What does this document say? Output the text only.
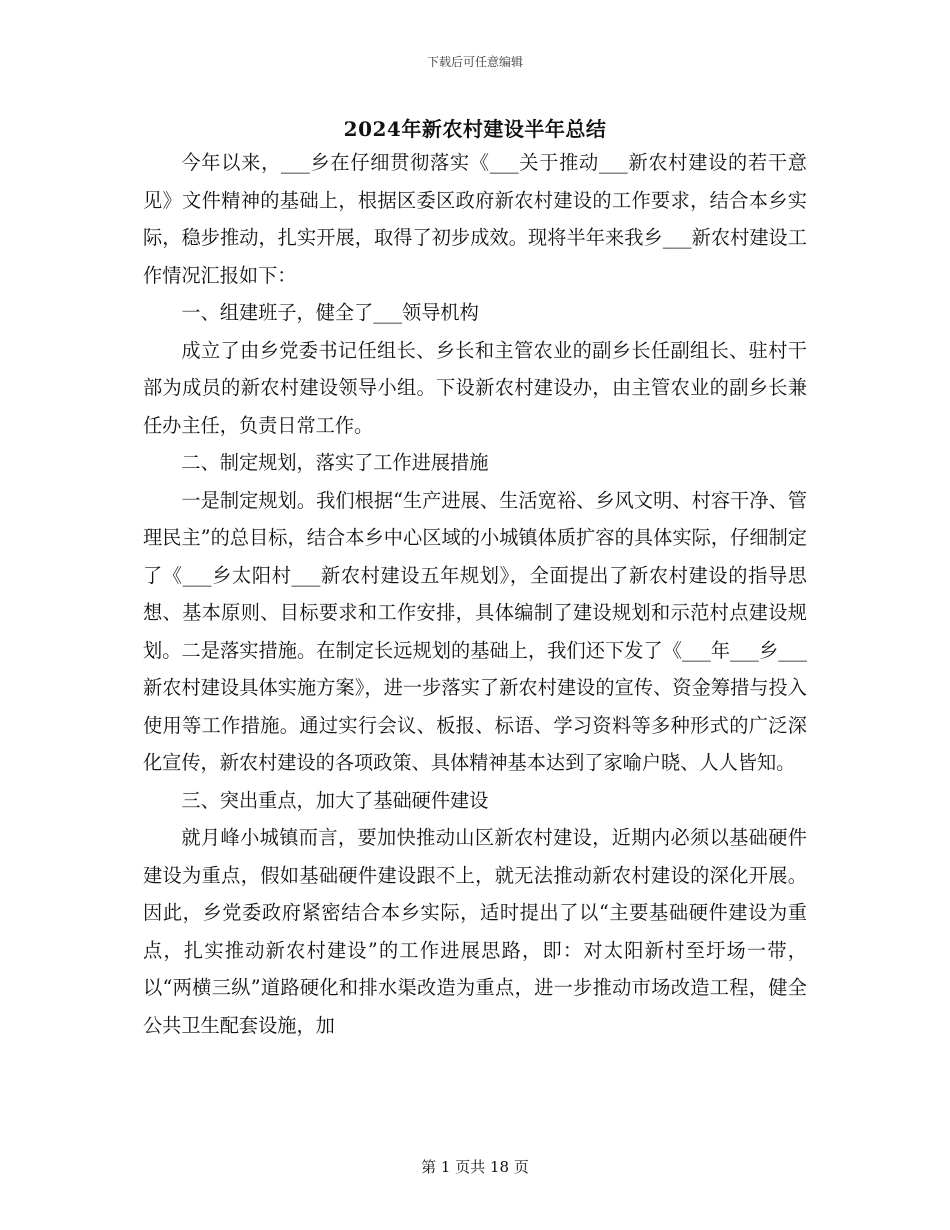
下载后可任意编辑
2024年新农村建设半年总结

今年以来，___乡在仔细贯彻落实《___关于推动___新农村建设的若干意见》文件精神的基础上，根据区委区政府新农村建设的工作要求，结合本乡实际，稳步推动，扎实开展，取得了初步成效。现将半年来我乡___新农村建设工作情况汇报如下：

一、组建班子，健全了___领导机构

成立了由乡党委书记任组长、乡长和主管农业的副乡长任副组长、驻村干部为成员的新农村建设领导小组。下设新农村建设办，由主管农业的副乡长兼任办主任，负责日常工作。

二、制定规划，落实了工作进展措施

一是制定规划。我们根据“生产进展、生活宽裕、乡风文明、村容干净、管理民主”的总目标，结合本乡中心区域的小城镇体质扩容的具体实际，仔细制定了《___乡太阳村___新农村建设五年规划》，全面提出了新农村建设的指导思想、基本原则、目标要求和工作安排，具体编制了建设规划和示范村点建设规划。二是落实措施。在制定长远规划的基础上，我们还下发了《___年___乡___新农村建设具体实施方案》，进一步落实了新农村建设的宣传、资金筹措与投入使用等工作措施。通过实行会议、板报、标语、学习资料等多种形式的广泛深化宣传，新农村建设的各项政策、具体精神基本达到了家喻户晓、人人皆知。

三、突出重点，加大了基础硬件建设

就月峰小城镇而言，要加快推动山区新农村建设，近期内必须以基础硬件建设为重点，假如基础硬件建设跟不上，就无法推动新农村建设的深化开展。因此，乡党委政府紧密结合本乡实际，适时提出了以“主要基础硬件建设为重点，扎实推动新农村建设”的工作进展思路，即：对太阳新村至圩场一带，以“两横三纵”道路硬化和排水渠改造为重点，进一步推动市场改造工程，健全公共卫生配套设施，加

第 1 页共 18 页
